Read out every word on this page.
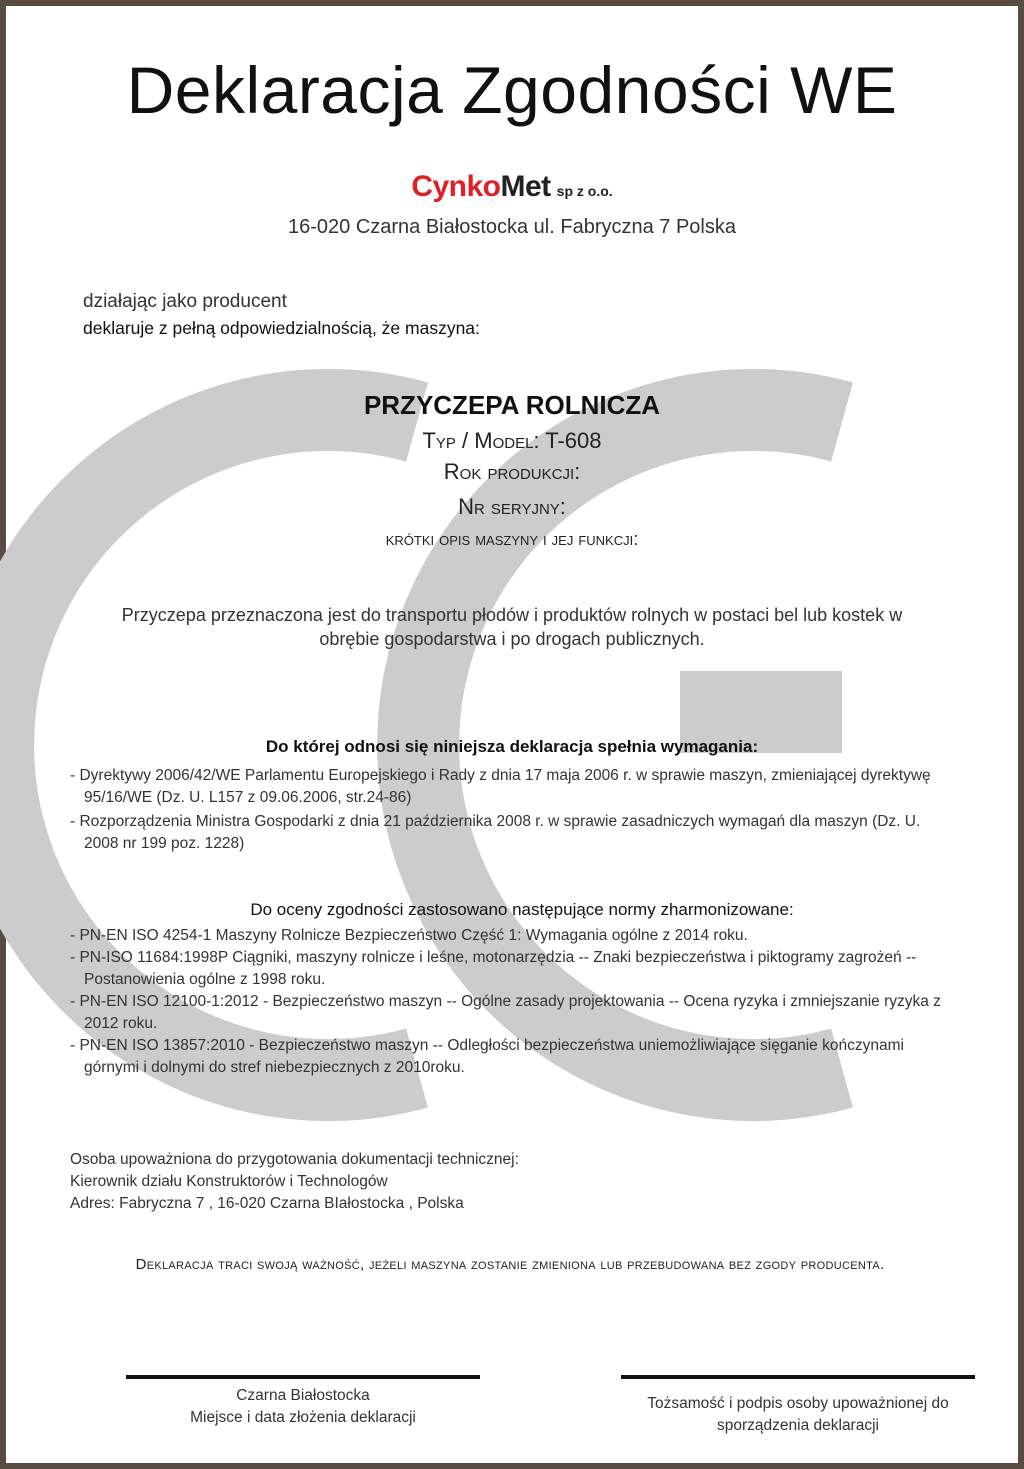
Deklaracja Zgodności WE
CynkoMet sp z o.o.
16-020 Czarna Białostocka ul. Fabryczna 7 Polska
działając jako producent
deklaruje z pełną odpowiedzialnością, że maszyna:
PRZYCZEPA ROLNICZA
Typ / Model: T-608
Rok produkcji:
Nr seryjny:
krótki opis maszyny i jej funkcji:
Przyczepa przeznaczona jest do transportu płodów i produktów rolnych w postaci bel lub kostek w obrębie gospodarstwa i po drogach publicznych.
Do której odnosi się niniejsza deklaracja spełnia wymagania:
- Dyrektywy 2006/42/WE Parlamentu Europejskiego i Rady z dnia 17 maja 2006 r. w sprawie maszyn, zmieniającej dyrektywę 95/16/WE (Dz. U. L157 z 09.06.2006, str.24-86)
- Rozporządzenia Ministra Gospodarki z dnia 21 października 2008 r. w sprawie zasadniczych wymagań dla maszyn (Dz. U. 2008 nr 199 poz. 1228)
Do oceny zgodności zastosowano następujące normy zharmonizowane:
- PN-EN ISO 4254-1 Maszyny Rolnicze Bezpieczeństwo Część 1: Wymagania ogólne z 2014 roku.
- PN-ISO 11684:1998P Ciągniki, maszyny rolnicze i leśne, motonarzędzia -- Znaki bezpieczeństwa i piktogramy zagrożeń -- Postanowienia ogólne z 1998 roku.
- PN-EN ISO 12100-1:2012 - Bezpieczeństwo maszyn -- Ogólne zasady projektowania -- Ocena ryzyka i zmniejszanie ryzyka z 2012 roku.
- PN-EN ISO 13857:2010 - Bezpieczeństwo maszyn -- Odległości bezpieczeństwa uniemożliwiające sięganie kończynami górnymi i dolnymi do stref niebezpiecznych z 2010roku.
Osoba upoważniona do przygotowania dokumentacji technicznej:
Kierownik działu Konstruktorów i Technologów
Adres: Fabryczna 7 , 16-020 Czarna BIałostocka , Polska
Deklaracja traci swoją ważność, jeżeli maszyna zostanie zmieniona lub przebudowana bez zgody producenta.
Czarna Białostocka
Miejsce i data złożenia deklaracji
Tożsamość i podpis osoby upoważnionej do
sporządzenia deklaracji
